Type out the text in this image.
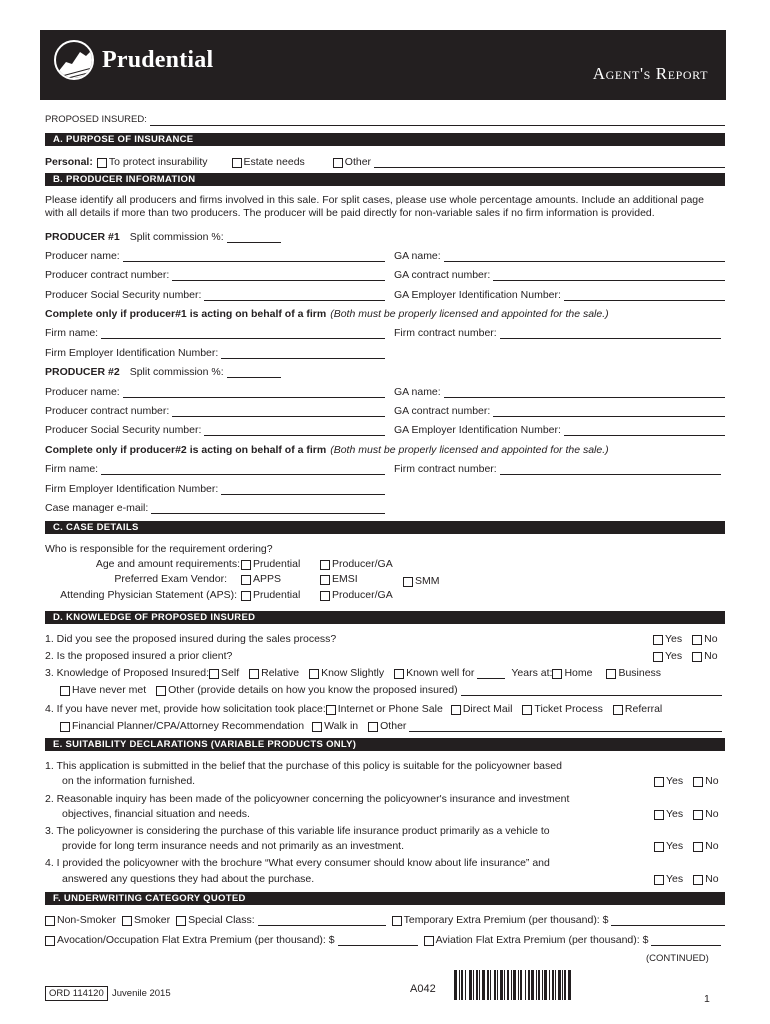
Prudential
Agent's Report
PROPOSED INSURED:
A. PURPOSE OF INSURANCE
Personal: To protect insurability	Estate needs	Other
B. PRODUCER INFORMATION
Please identify all producers and firms involved in this sale. For split cases, please use whole percentage amounts. Include an additional page with all details if more than two producers. The producer will be paid directly for non-variable sales if no firm information is provided.
PRODUCER #1 Split commission %:
Producer name:	GA name:
Producer contract number:	GA contract number:
Producer Social Security number:	GA Employer Identification Number:
Complete only if producer#1 is acting on behalf of a firm (Both must be properly licensed and appointed for the sale.)
Firm name:	Firm contract number:
Firm Employer Identification Number:
PRODUCER #2 Split commission %:
Producer name:	GA name:
Producer contract number:	GA contract number:
Producer Social Security number:	GA Employer Identification Number:
Complete only if producer#2 is acting on behalf of a firm (Both must be properly licensed and appointed for the sale.)
Firm name:	Firm contract number:
Firm Employer Identification Number:
Case manager e-mail:
C. CASE DETAILS
Who is responsible for the requirement ordering?
Age and amount requirements: Prudential	Producer/GA
Preferred Exam Vendor: APPS	EMSI	SMM
Attending Physician Statement (APS): Prudential	Producer/GA
D. KNOWLEDGE OF PROPOSED INSURED
1. Did you see the proposed insured during the sales process?	Yes No
2. Is the proposed insured a prior client?	Yes No
3. Knowledge of Proposed Insured: Self Relative Know Slightly Known well for	Years at: Home Business
Have never met Other (provide details on how you know the proposed insured)
4. If you have never met, provide how solicitation took place: Internet or Phone Sale Direct Mail Ticket Process Referral
Financial Planner/CPA/Attorney Recommendation Walk in Other
E. SUITABILITY DECLARATIONS (VARIABLE PRODUCTS ONLY)
1. This application is submitted in the belief that the purchase of this policy is suitable for the policyowner based
on the information furnished.	Yes No
2. Reasonable inquiry has been made of the policyowner concerning the policyowner's insurance and investment
objectives, financial situation and needs.	Yes No
3. The policyowner is considering the purchase of this variable life insurance product primarily as a vehicle to
provide for long term insurance needs and not primarily as an investment.	Yes No
4. I provided the policyowner with the brochure “What every consumer should know about life insurance” and
answered any questions they had about the purchase.	Yes No
F. UNDERWRITING CATEGORY QUOTED
Non-Smoker Smoker Special Class:	Temporary Extra Premium (per thousand): $
Avocation/Occupation Flat Extra Premium (per thousand): $	Aviation Flat Extra Premium (per thousand): $
(CONTINUED)
ORD 114120 Juvenile 2015	A042
1
